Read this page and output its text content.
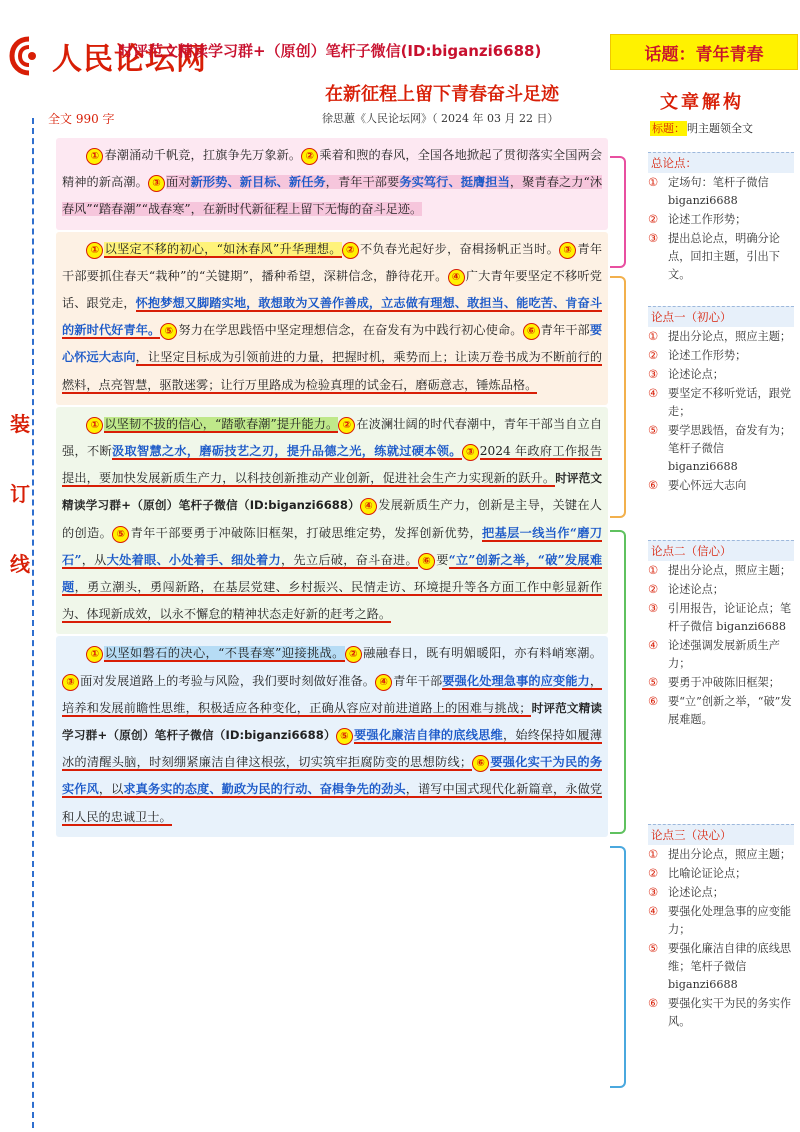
人民论坛网
时评范文精读学习群+（原创）笔杆子微信(ID:biganzi6688)	话题：青年青春
在新征程上留下青春奋斗足迹
全文 990 字	徐思蕙《人民论坛网》（ 2024 年 03 月 22 日）
装
订
线

① 春潮涌动千帆竞，扛旗争先万象新。 ② 乘着和煦的春风，全国各地掀起了贯彻落实全国两会精神的新高潮。 ③ 面对新形势、新目标、新任务，青年干部要务实笃行、挺膺担当，聚青春之力“沐春风”“踏春潮”“战春寒”，在新时代新征程上留下无悔的奋斗足迹。

① 以坚定不移的初心，“如沐春风”升华理想。 ② 不负春光起好步，奋楫扬帆正当时。 ③ 青年干部要抓住春天“栽种”的“关键期”，播种希望，深耕信念，静待花开。 ④ 广大青年要坚定不移听党话、跟党走，怀抱梦想又脚踏实地，敢想敢为又善作善成，立志做有理想、敢担当、能吃苦、肯奋斗的新时代好青年。 ⑤ 努力在学思践悟中坚定理想信念，在奋发有为中践行初心使命。 ⑥ 青年干部要心怀远大志向，让坚定目标成为引领前进的力量，把握时机，乘势而上；让读万卷书成为不断前行的燃料，点亮智慧，驱散迷雾；让行万里路成为检验真理的试金石，磨砺意志，锤炼品格。

① 以坚韧不拔的信心，“踏歌春潮”提升能力。 ② 在波澜壮阔的时代春潮中，青年干部当自立自强，不断汲取智慧之水，磨砺技艺之刃，提升品德之光，练就过硬本领。 ③ 2024 年政府工作报告提出，要加快发展新质生产力，以科技创新推动产业创新，促进社会生产力实现新的跃升。时评范文精读学习群+（原创）笔杆子微信（ID:biganzi6688） ④ 发展新质生产力，创新是主导，关键在人的创造。 ⑤ 青年干部要勇于冲破陈旧框架，打破思维定势，发挥创新优势，把基层一线当作“磨刀石”，从大处着眼、小处着手、细处着力，先立后破，奋斗奋进。 ⑥ 要“立”创新之举，“破”发展难题，勇立潮头，勇闯新路，在基层党建、乡村振兴、民情走访、环境提升等各方面工作中彰显新作为、体现新成效，以永不懈怠的精神状态走好新的赶考之路。

① 以坚如磐石的决心，“不畏春寒”迎接挑战。 ② 融融春日，既有明媚暖阳，亦有料峭寒潮。③ 面对发展道路上的考验与风险，我们要时刻做好准备。 ④ 青年干部要强化处理急事的应变能力，培养和发展前瞻性思维，积极适应各种变化，正确从容应对前进道路上的困难与挑战；时评范文精读学习群+（原创）笔杆子微信（ID:biganzi6688） ⑤ 要强化廉洁自律的底线思维，始终保持如履薄冰的清醒头脑，时刻绷紧廉洁自律这根弦，切实筑牢拒腐防变的思想防线； ⑥ 要强化实干为民的务实作风，以求真务实的态度、勤政为民的行动、奋楫争先的劲头，谱写中国式现代化新篇章，永做党和人民的忠诚卫士。

文章解构
标题： 明主题领全文
总论点：
① 定场句：笔杆子微信 biganzi6688
② 论述工作形势；
③ 提出总论点，明确分论点，回扣主题，引出下文。
论点一（初心）
① 提出分论点，照应主题；
② 论述工作形势；
③ 论述论点；
④ 要坚定不移听党话，跟党走；
⑤ 要学思践悟，奋发有为；笔杆子微信 biganzi6688
⑥ 要心怀远大志向
论点二（信心）
① 提出分论点，照应主题；
② 论述论点；
③ 引用报告，论证论点；笔杆子微信 biganzi6688
④ 论述强调发展新质生产力；
⑤ 要勇于冲破陈旧框架；
⑥ 要“立”创新之举，“破”发展难题。
论点三（决心）
① 提出分论点，照应主题；
② 比喻论证论点；
③ 论述论点；
④ 要强化处理急事的应变能力；
⑤ 要强化廉洁自律的底线思维；笔杆子微信 biganzi6688
⑥ 要强化实干为民的务实作风。
